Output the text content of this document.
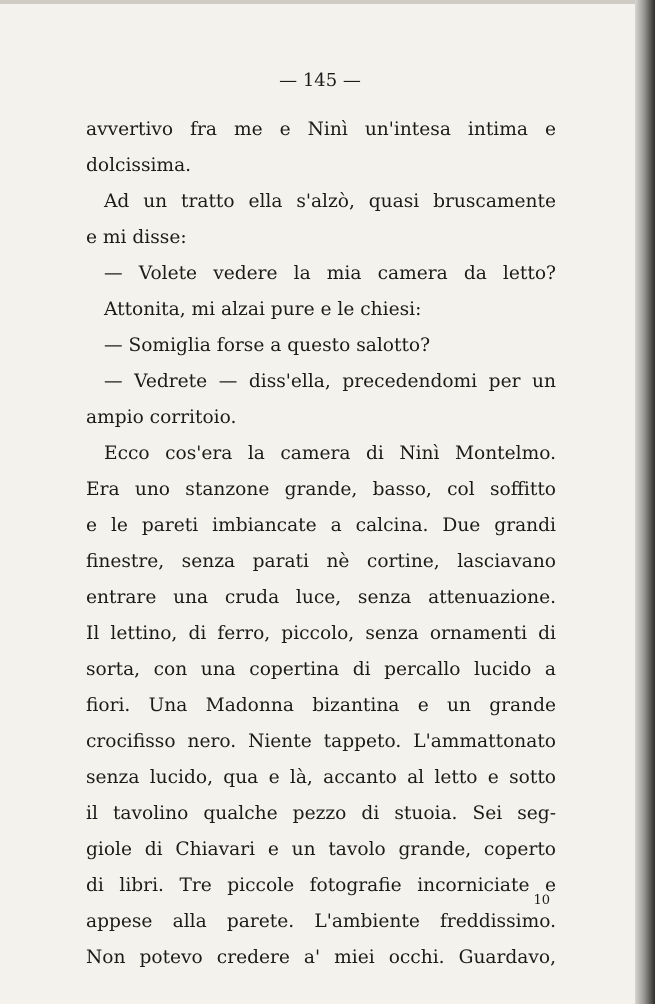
— 145 —
avvertivo fra me e Ninì un'intesa intima e
dolcissima.
Ad un tratto ella s'alzò, quasi bruscamente
e mi disse:
— Volete vedere la mia camera da letto?
Attonita, mi alzai pure e le chiesi:
— Somiglia forse a questo salotto?
— Vedrete — diss'ella, precedendomi per un
ampio corritoio.
Ecco cos'era la camera di Ninì Montelmo.
Era uno stanzone grande, basso, col soffitto
e le pareti imbiancate a calcina. Due grandi
finestre, senza parati nè cortine, lasciavano
entrare una cruda luce, senza attenuazione.
Il lettino, di ferro, piccolo, senza ornamenti di
sorta, con una copertina di percallo lucido a
fiori. Una Madonna bizantina e un grande
crocifisso nero. Niente tappeto. L'ammattonato
senza lucido, qua e là, accanto al letto e sotto
il tavolino qualche pezzo di stuoia. Sei seg-
giole di Chiavari e un tavolo grande, coperto
di libri. Tre piccole fotografie incorniciate e
appese alla parete. L'ambiente freddissimo.
Non potevo credere a' miei occhi. Guardavo,
10
